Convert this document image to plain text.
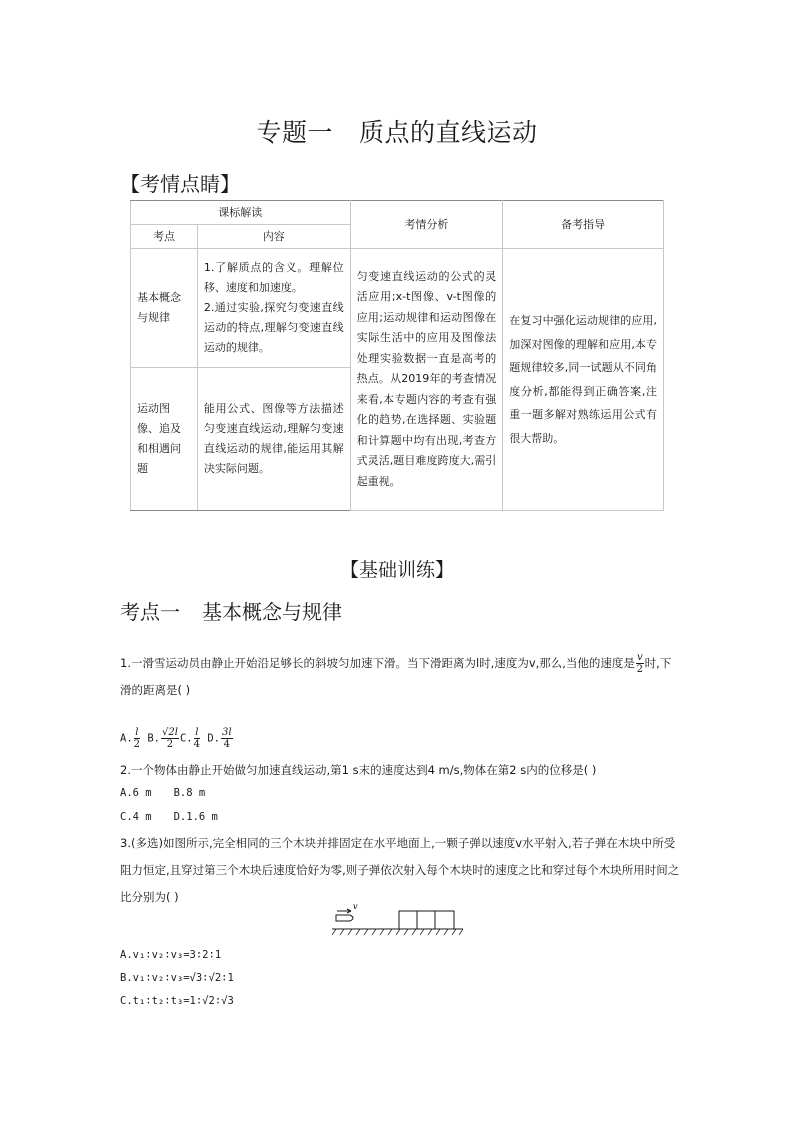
专题一 质点的直线运动
【考情点睛】
课标解读		考情分析	备考指导
考点	内容		
基本概念与规律	1.了解质点的含义。理解位移、速度和加速度。
2.通过实验,探究匀变速直线运动的特点,理解匀变速直线运动的规律。	匀变速直线运动的公式的灵活应用;x-t图像、v-t图像的应用;运动规律和运动图像在实际生活中的应用及图像法处理实验数据一直是高考的热点。从2019年的考查情况来看,本专题内容的考查有强化的趋势,在选择题、实验题和计算题中均有出现,考查方式灵活,题目难度跨度大,需引起重视。	在复习中强化运动规律的应用,加深对图像的理解和应用,本专题规律较多,同一试题从不同角度分析,都能得到正确答案,注重一题多解对熟练运用公式有很大帮助。
运动图像、追及和相遇问题	能用公式、图像等方法描述匀变速直线运动,理解匀变速直线运动的规律,能运用其解决实际问题。		
【基础训练】
考点一 基本概念与规律
1.一滑雪运动员由静止开始沿足够长的斜坡匀加速下滑。当下滑距离为l时,速度为v,那么,当他的速度是 $\frac{v}{2}$ 时,下滑的距离是( )
A. $\frac{l}{2} B$. $\frac{√2l}{2} C$. $\frac{l}{4} D$. $\frac{3l}{4}$
2.一个物体由静止开始做匀加速直线运动,第1 s末的速度达到4 m/s,物体在第2 s内的位移是( )
A.6 m B.8 m
C.4 m D.1.6 m
3.(多选)如图所示,完全相同的三个木块并排固定在水平地面上,一颗子弹以速度v水平射入,若子弹在木块中所受阻力恒定,且穿过第三个木块后速度恰好为零,则子弹依次射入每个木块时的速度之比和穿过每个木块所用时间之比分别为( )
v
A.v₁∶v₂∶v₃=3∶2∶1
B.v₁∶v₂∶v₃=√3∶√2∶1
C.t₁∶t₂∶t₃=1∶√2∶√3
